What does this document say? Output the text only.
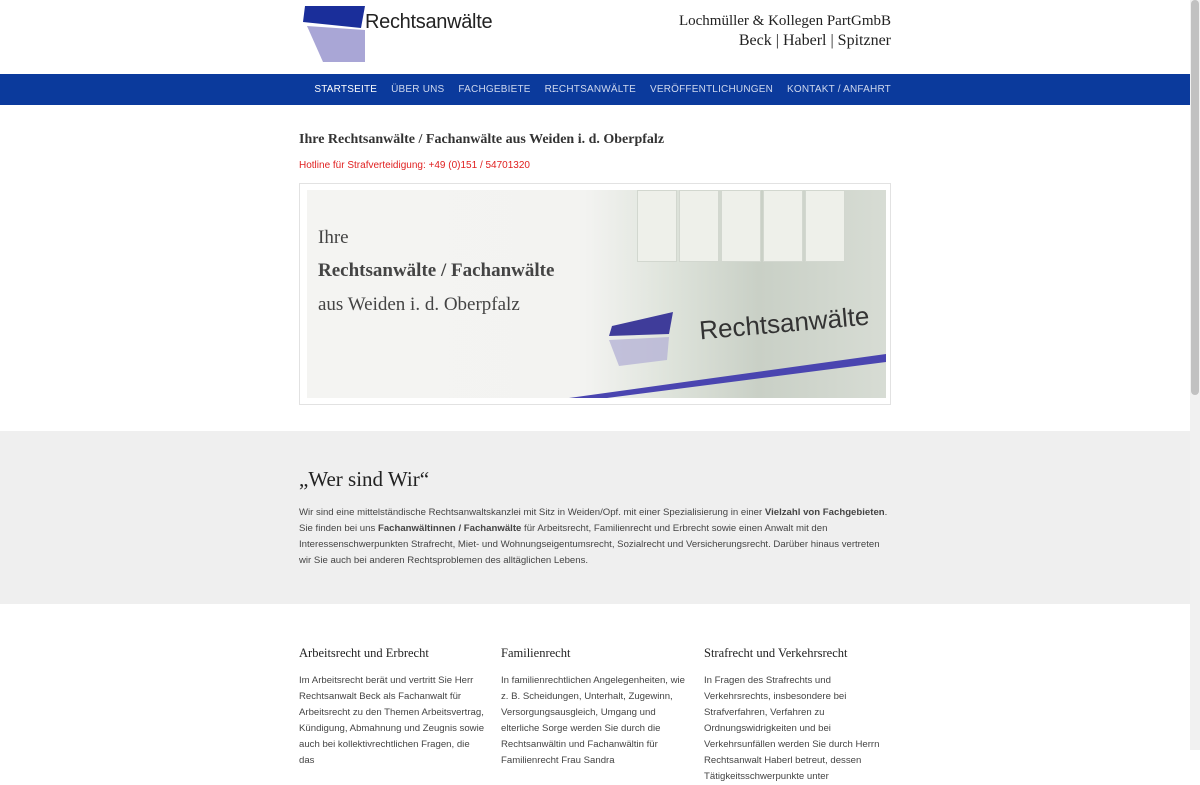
Rechtsanwälte	Lochmüller & Kollegen PartGmbB
Beck | Haberl | Spitzner
STARTSEITE ÜBER UNS FACHGEBIETE RECHTSANWÄLTE VERÖFFENTLICHUNGEN KONTAKT / ANFAHRT
Ihre Rechtsanwälte / Fachanwälte aus Weiden i. d. Oberpfalz
Hotline für Strafverteidigung: +49 (0)151 / 54701320
Ihre
Rechtsanwälte / Fachanwälte
aus Weiden i. d. Oberpfalz	Rechtsanwälte
„Wer sind Wir“

Wir sind eine mittelständische Rechtsanwaltskanzlei mit Sitz in Weiden/Opf. mit einer Spezialisierung in einer Vielzahl von Fachgebieten. Sie finden bei uns Fachanwältinnen / Fachanwälte für Arbeitsrecht, Familienrecht und Erbrecht sowie einen Anwalt mit den Interessenschwerpunkten Strafrecht, Miet- und Wohnungseigentumsrecht, Sozialrecht und Versicherungsrecht. Darüber hinaus vertreten wir Sie auch bei anderen Rechtsproblemen des alltäglichen Lebens.

Arbeitsrecht und Erbrecht

Im Arbeitsrecht berät und vertritt Sie Herr Rechtsanwalt Beck als Fachanwalt für Arbeitsrecht zu den Themen Arbeitsvertrag, Kündigung, Abmahnung und Zeugnis sowie auch bei kollektivrechtlichen Fragen, die das

Familienrecht

In familienrechtlichen Angelegenheiten, wie z. B. Scheidungen, Unterhalt, Zugewinn, Versorgungsausgleich, Umgang und elterliche Sorge werden Sie durch die Rechtsanwältin und Fachanwältin für Familienrecht Frau Sandra

Strafrecht und Verkehrsrecht

In Fragen des Strafrechts und Verkehrsrechts, insbesondere bei Strafverfahren, Verfahren zu Ordnungswidrigkeiten und bei Verkehrsunfällen werden Sie durch Herrn Rechtsanwalt Haberl betreut, dessen Tätigkeitsschwerpunkte unter
